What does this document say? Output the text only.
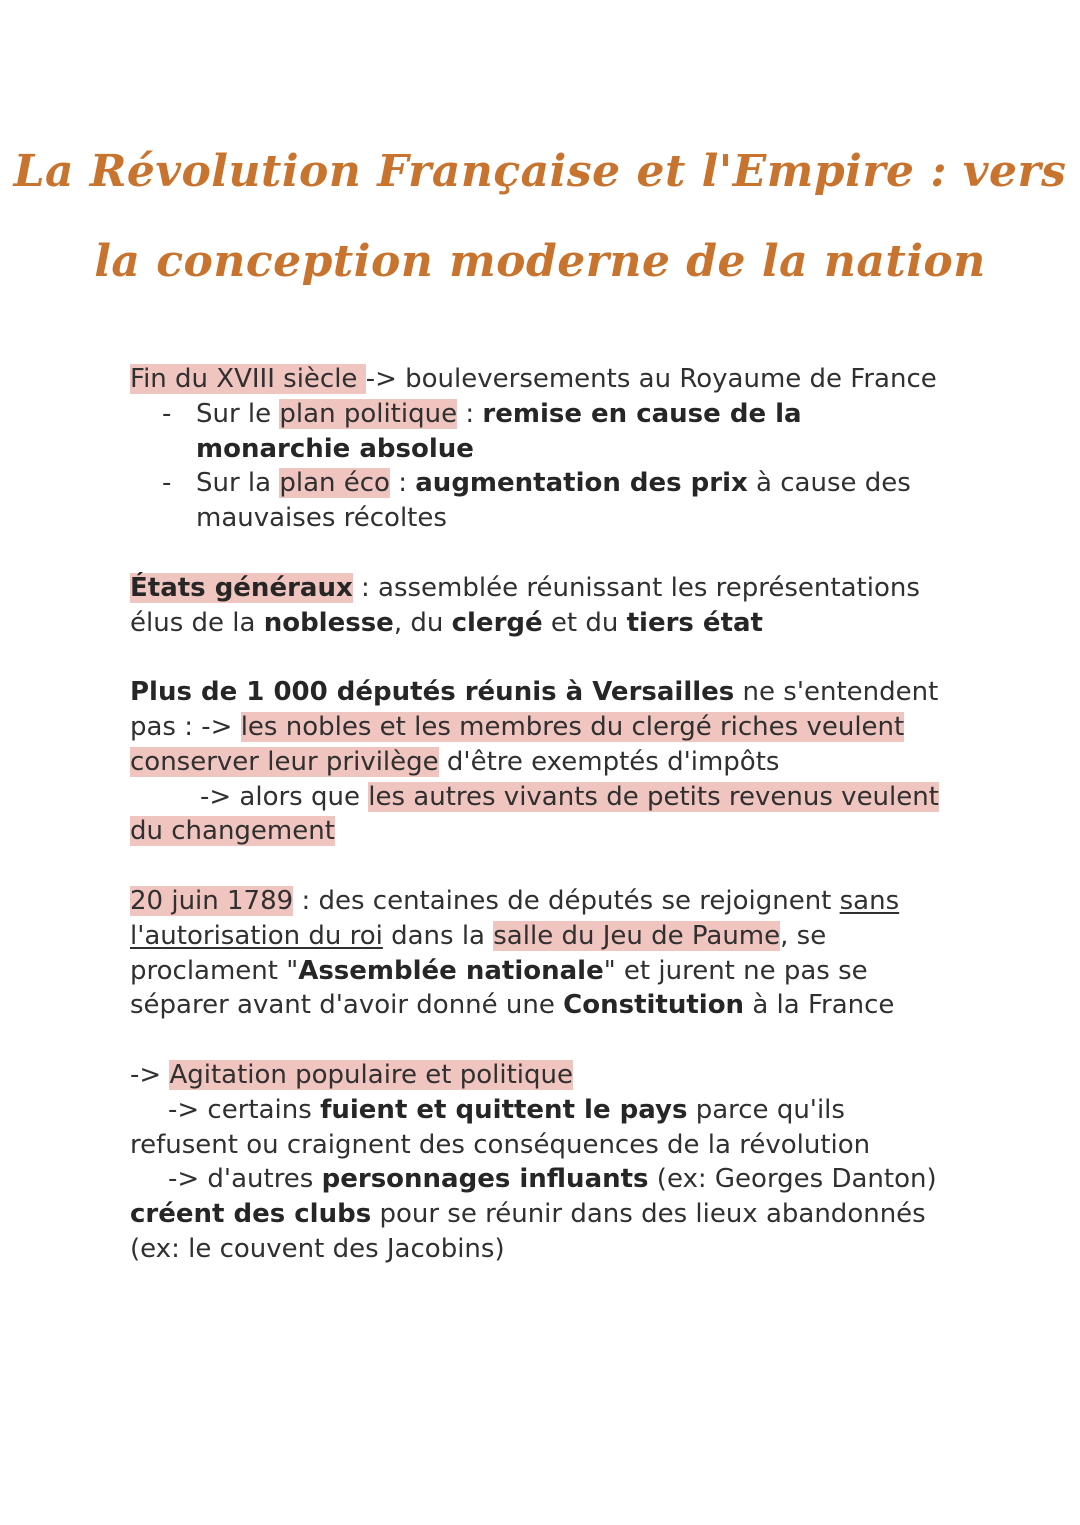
La Révolution Française et l'Empire : vers
la conception moderne de la nation
Fin du XVIII siècle -> bouleversements au Royaume de France
- Sur le plan politique : remise en cause de la monarchie absolue
- Sur la plan éco : augmentation des prix à cause des mauvaises récoltes
États généraux : assemblée réunissant les représentations élus de la noblesse, du clergé et du tiers état
Plus de 1 000 députés réunis à Versailles ne s'entendent pas : -> les nobles et les membres du clergé riches veulent conserver leur privilège d'être exemptés d'impôts
-> alors que les autres vivants de petits revenus veulent du changement
20 juin 1789 : des centaines de députés se rejoignent sans l'autorisation du roi dans la salle du Jeu de Paume, se proclament "Assemblée nationale" et jurent ne pas se séparer avant d'avoir donné une Constitution à la France
-> Agitation populaire et politique
-> certains fuient et quittent le pays parce qu'ils refusent ou craignent des conséquences de la révolution
-> d'autres personnages influants (ex: Georges Danton) créent des clubs pour se réunir dans des lieux abandonnés (ex: le couvent des Jacobins)
